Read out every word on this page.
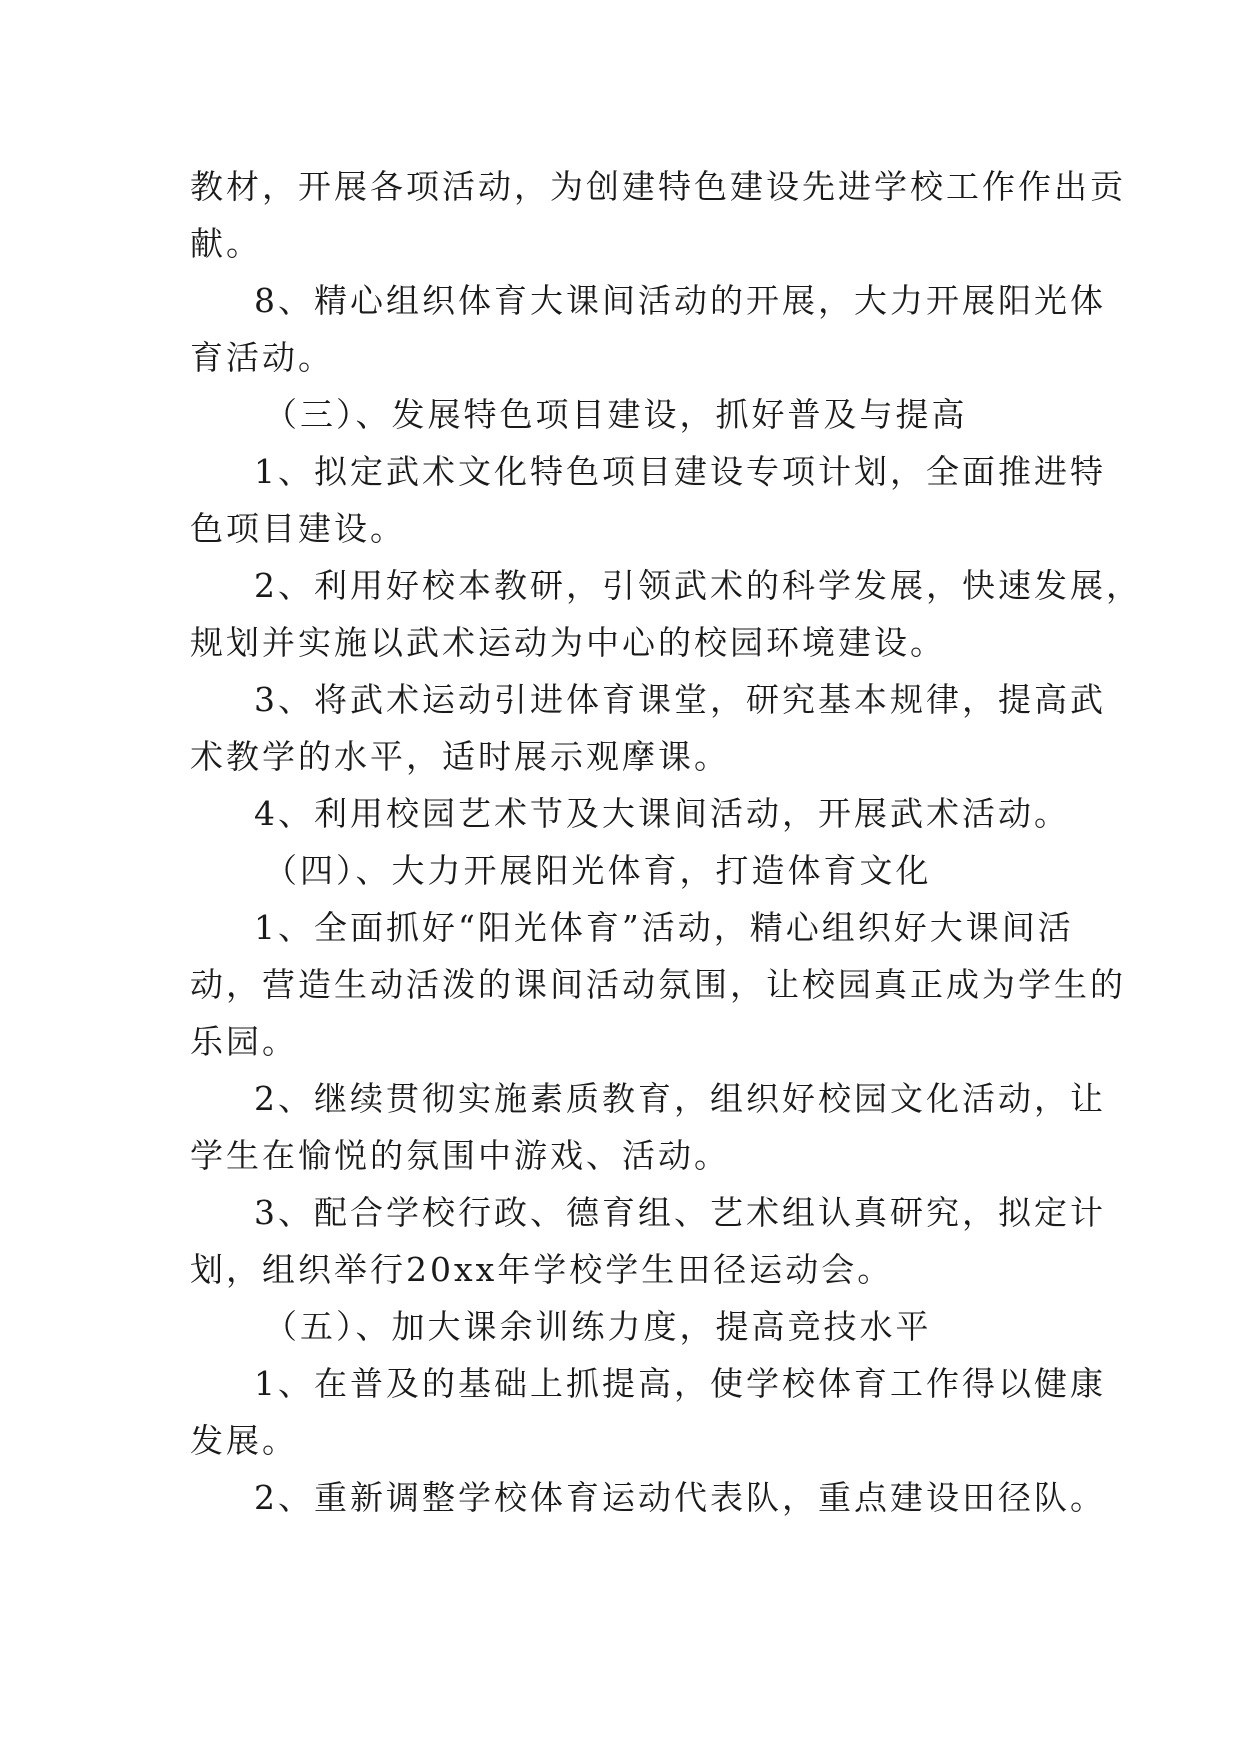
教材，开展各项活动，为创建特色建设先进学校工作作出贡
献。
8、精心组织体育大课间活动的开展，大力开展阳光体
育活动。
（三）、发展特色项目建设，抓好普及与提高
1、拟定武术文化特色项目建设专项计划，全面推进特
色项目建设。
2、利用好校本教研，引领武术的科学发展，快速发展，
规划并实施以武术运动为中心的校园环境建设。
3、将武术运动引进体育课堂，研究基本规律，提高武
术教学的水平，适时展示观摩课。
4、利用校园艺术节及大课间活动，开展武术活动。
（四）、大力开展阳光体育，打造体育文化
1、全面抓好“阳光体育”活动，精心组织好大课间活
动，营造生动活泼的课间活动氛围，让校园真正成为学生的
乐园。
2、继续贯彻实施素质教育，组织好校园文化活动，让
学生在愉悦的氛围中游戏、活动。
3、配合学校行政、德育组、艺术组认真研究，拟定计
划，组织举行20xx年学校学生田径运动会。
（五）、加大课余训练力度，提高竞技水平
1、在普及的基础上抓提高，使学校体育工作得以健康
发展。
2、重新调整学校体育运动代表队，重点建设田径队。
